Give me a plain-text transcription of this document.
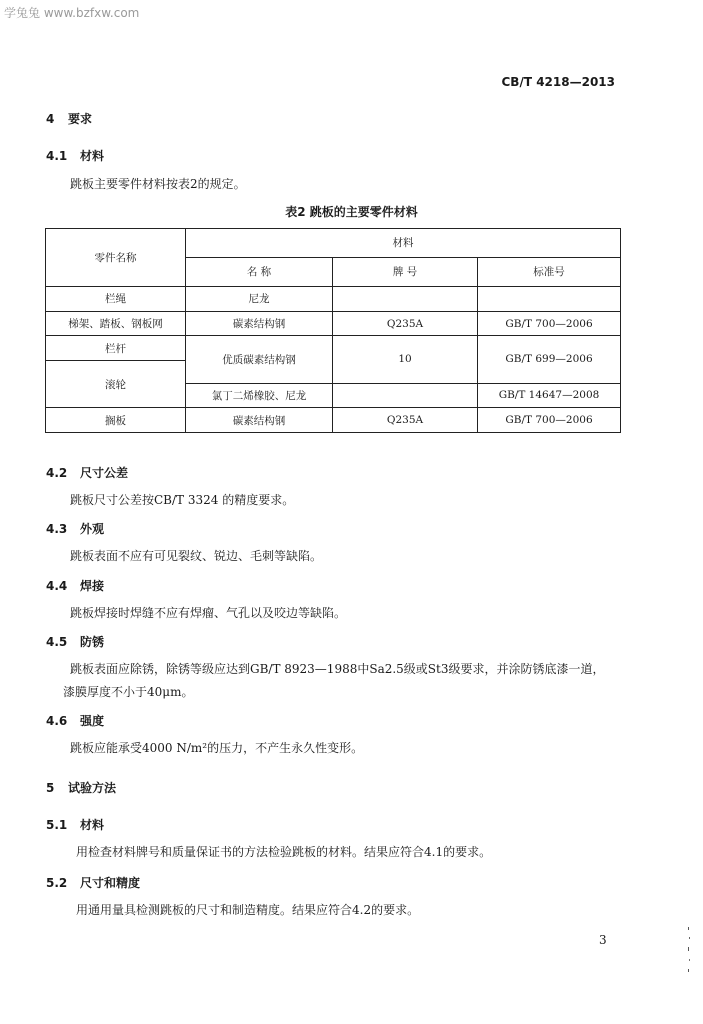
学兔兔 www.bzfxw.com
CB/T 4218—2013
4 要求
4.1 材料
跳板主要零件材料按表2的规定。
表2 跳板的主要零件材料
零件名称	材料		
	名 称	牌 号	标准号
栏绳	尼龙		
梯架、踏板、钢板网	碳素结构钢	Q235A	GB/T 700—2006
栏杆	优质碳素结构钢	10	GB/T 699—2006
滚轮			
	氯丁二烯橡胶、尼龙		GB/T 14647—2008
搁板	碳素结构钢	Q235A	GB/T 700—2006
4.2 尺寸公差
跳板尺寸公差按CB/T 3324 的精度要求。
4.3 外观
跳板表面不应有可见裂纹、锐边、毛刺等缺陷。
4.4 焊接
跳板焊接时焊缝不应有焊瘤、气孔以及咬边等缺陷。
4.5 防锈
跳板表面应除锈，除锈等级应达到GB/T 8923—1988中Sa2.5级或St3级要求，并涂防锈底漆一道，
漆膜厚度不小于40μm。
4.6 强度
跳板应能承受4000 N/m²的压力，不产生永久性变形。
5 试验方法
5.1 材料
用检查材料牌号和质量保证书的方法检验跳板的材料。结果应符合4.1的要求。
5.2 尺寸和精度
用通用量具检测跳板的尺寸和制造精度。结果应符合4.2的要求。
3
